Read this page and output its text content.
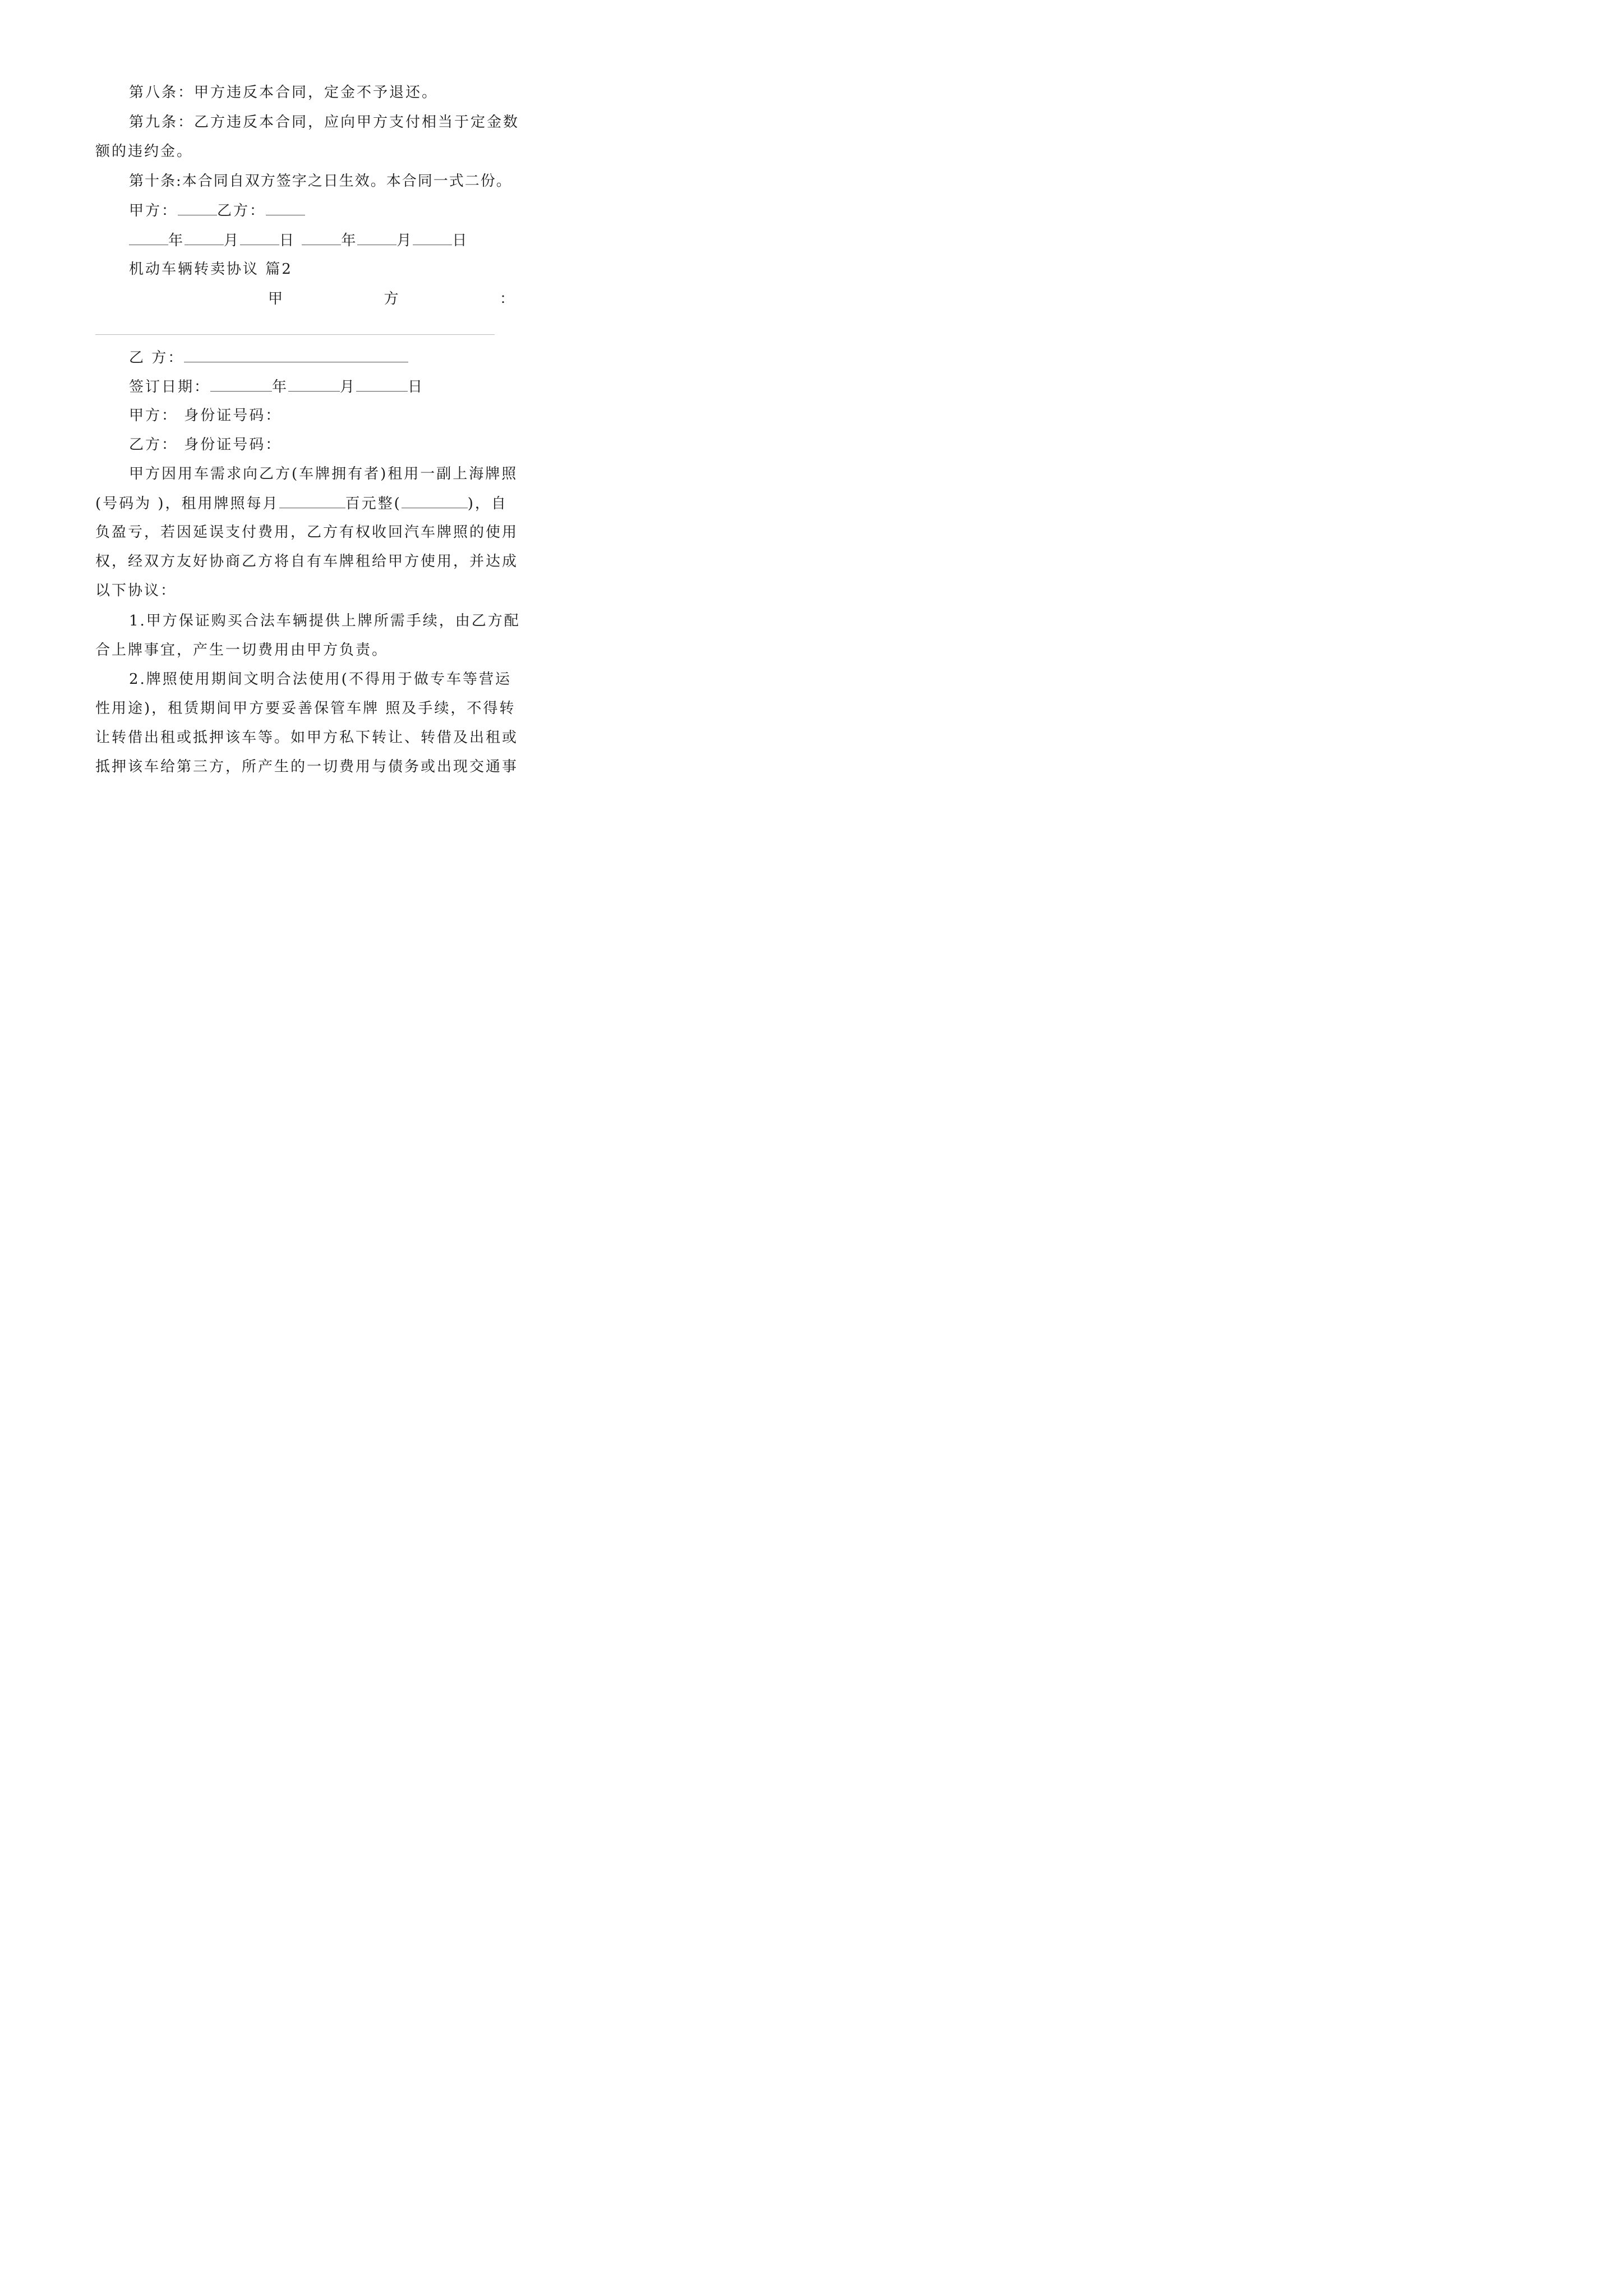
第八条：甲方违反本合同，定金不予退还。
第九条：乙方违反本合同，应向甲方支付相当于定金数
额的违约金。
第十条:本合同自双方签字之日生效。本合同一式二份。
甲方：	乙方：
年	月	日	年	月	日
机动车辆转卖协议 篇2
甲	方	：
乙 方：
签订日期：	年	月	日
甲方： 身份证号码：
乙方： 身份证号码：
甲方因用车需求向乙方(车牌拥有者)租用一副上海牌照
(号码为 )，租用牌照每月	百元整(	)，自
负盈亏，若因延误支付费用，乙方有权收回汽车牌照的使用
权，经双方友好协商乙方将自有车牌租给甲方使用，并达成
以下协议：
1.甲方保证购买合法车辆提供上牌所需手续，由乙方配
合上牌事宜，产生一切费用由甲方负责。
2.牌照使用期间文明合法使用(不得用于做专车等营运
性用途)，租赁期间甲方要妥善保管车牌 照及手续，不得转
让转借出租或抵押该车等。如甲方私下转让、转借及出租或
抵押该车给第三方，所产生的一切费用与债务或出现交通事
